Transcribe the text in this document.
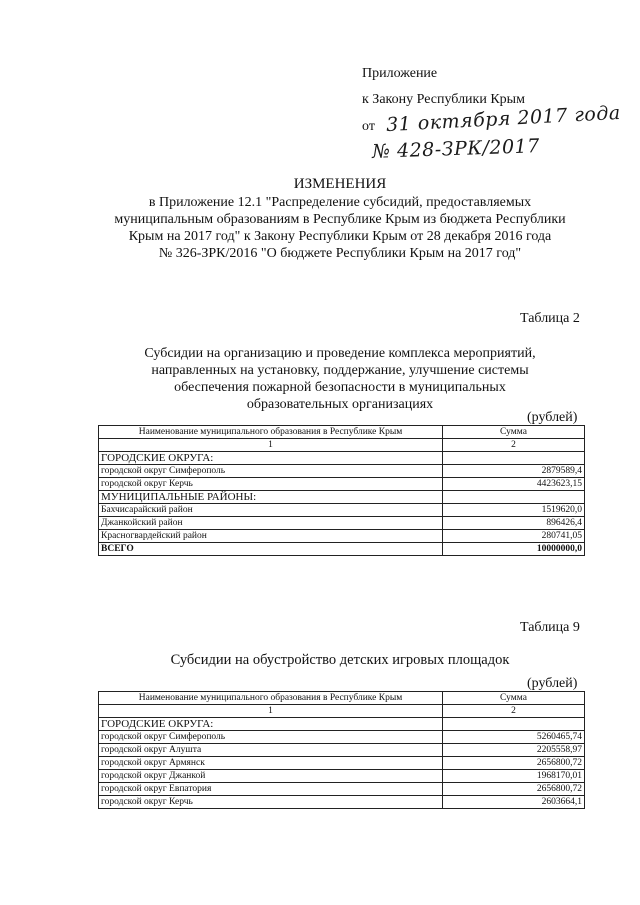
Приложение
к Закону Республики Крым
от 31 октября 2017 года
№ 428-ЗРК/2017
ИЗМЕНЕНИЯ
в Приложение 12.1 "Распределение субсидий, предоставляемых
муниципальным образованиям в Республике Крым из бюджета Республики
Крым на 2017 год" к Закону Республики Крым от 28 декабря 2016 года
№ 326-ЗРК/2016 "О бюджете Республики Крым на 2017 год"
Таблица 2
Субсидии на организацию и проведение комплекса мероприятий,
направленных на установку, поддержание, улучшение системы
обеспечения пожарной безопасности в муниципальных
образовательных организациях
(рублей)
Наименование муниципального образования в Республике Крым	Сумма
1	2
ГОРОДСКИЕ ОКРУГА:	
городской округ Симферополь	2879589,4
городской округ Керчь	4423623,15
МУНИЦИПАЛЬНЫЕ РАЙОНЫ:	
Бахчисарайский район	1519620,0
Джанкойский район	896426,4
Красногвардейский район	280741,05
ВСЕГО	10000000,0
Таблица 9
Субсидии на обустройство детских игровых площадок
(рублей)
Наименование муниципального образования в Республике Крым	Сумма
1	2
ГОРОДСКИЕ ОКРУГА:	
городской округ Симферополь	5260465,74
городской округ Алушта	2205558,97
городской округ Армянск	2656800,72
городской округ Джанкой	1968170,01
городской округ Евпатория	2656800,72
городской округ Керчь	2603664,1
